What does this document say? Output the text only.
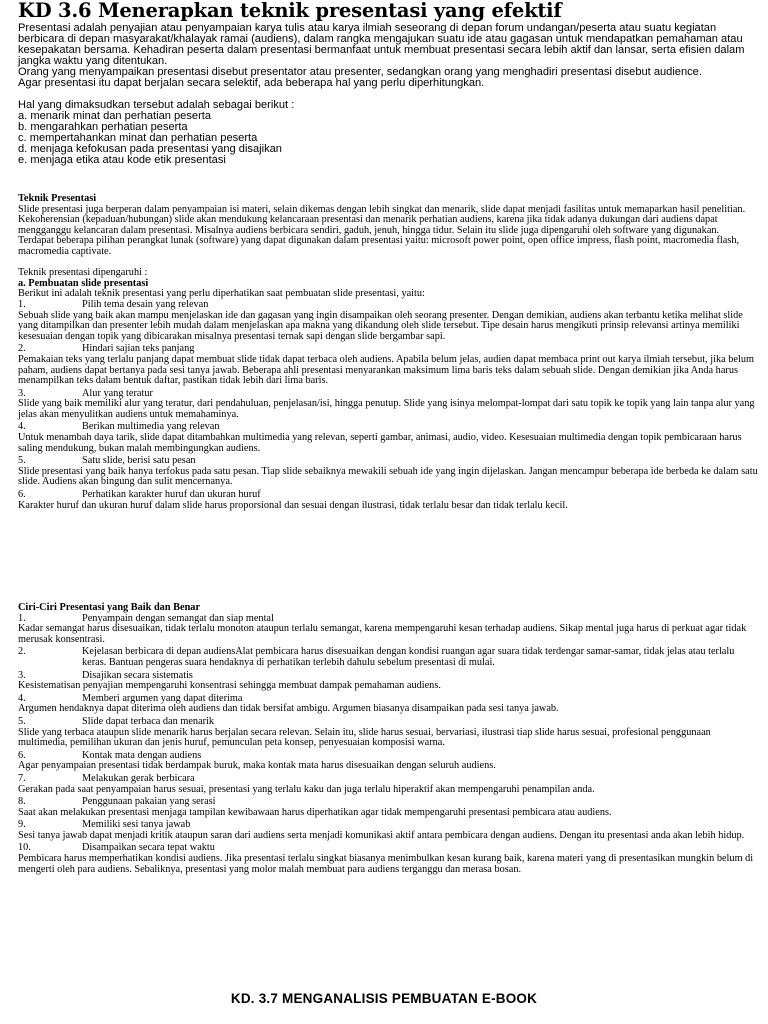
KD 3.6 Menerapkan teknik presentasi yang efektif

Presentasi adalah penyajian atau penyampaian karya tulis atau karya ilmiah seseorang di depan forum undangan/peserta atau suatu kegiatan berbicara di depan masyarakat/khalayak ramai (audiens), dalam rangka mengajukan suatu ide atau gagasan untuk mendapatkan pemahaman atau kesepakatan bersama. Kehadiran peserta dalam presentasi bermanfaat untuk membuat presentasi secara lebih aktif dan lansar, serta efisien dalam jangka waktu yang ditentukan.

Orang yang menyampaikan presentasi disebut presentator atau presenter, sedangkan orang yang menghadiri presentasi disebut audience.

Agar presentasi itu dapat berjalan secara selektif, ada beberapa hal yang perlu diperhitungkan.

Hal yang dimaksudkan tersebut adalah sebagai berikut :

a. menarik minat dan perhatian peserta

b. mengarahkan perhatian peserta

c. mempertahankan minat dan perhatian peserta

d. menjaga kefokusan pada presentasi yang disajikan

e. menjaga etika atau kode etik presentasi

Teknik Presentasi

Slide presentasi juga berperan dalam penyampaian isi materi, selain dikemas dengan lebih singkat dan menarik, slide dapat menjadi fasilitas untuk memaparkan hasil penelitian. Kekoherensian (kepaduan/hubungan) slide akan mendukung kelancaraan presentasi dan menarik perhatian audiens, karena jika tidak adanya dukungan dari audiens dapat mengganggu kelancaran dalam presentasi. Misalnya audiens berbicara sendiri, gaduh, jenuh, hingga tidur. Selain itu slide juga dipengaruhi oleh software yang digunakan.

Terdapat beberapa pilihan perangkat lunak (software) yang dapat digunakan dalam presentasi yaitu: microsoft power point, open office impress, flash point, macromedia flash, macromedia captivate.

Teknik presentasi dipengaruhi :

a. Pembuatan slide presentasi

Berikut ini adalah teknik presentasi yang perlu diperhatikan saat pembuatan slide presentasi, yaitu:

1.	Pilih tema desain yang relevan

Sebuah slide yang baik akan mampu menjelaskan ide dan gagasan yang ingin disampaikan oleh seorang presenter. Dengan demikian, audiens akan terbantu ketika melihat slide yang ditampilkan dan presenter lebih mudah dalam menjelaskan apa makna yang dikandung oleh slide tersebut. Tipe desain harus mengikuti prinsip relevansi artinya memiliki kesesuaian dengan topik yang dibicarakan misalnya presentasi ternak sapi dengan slide bergambar sapi.

2.	Hindari sajian teks panjang

Pemakaian teks yang terlalu panjang dapat membuat slide tidak dapat terbaca oleh audiens. Apabila belum jelas, audien dapat membaca print out karya ilmiah tersebut, jika belum paham, audiens dapat bertanya pada sesi tanya jawab. Beberapa ahli presentasi menyarankan maksimum lima baris teks dalam sebuah slide. Dengan demikian jika Anda harus menampilkan teks dalam bentuk daftar, pastikan tidak lebih dari lima baris.

3.	Alur yang teratur

Slide yang baik memiliki alur yang teratur, dari pendahuluan, penjelasan/isi, hingga penutup. Slide yang isinya melompat-lompat dari satu topik ke topik yang lain tanpa alur yang jelas akan menyulitkan audiens untuk memahaminya.

4.	Berikan multimedia yang relevan

Untuk menambah daya tarik, slide dapat ditambahkan multimedia yang relevan, seperti gambar, animasi, audio, video. Kesesuaian multimedia dengan topik pembicaraan harus saling mendukung, bukan malah membingungkan audiens.

5.	Satu slide, berisi satu pesan

Slide presentasi yang baik hanya terfokus pada satu pesan. Tiap slide sebaiknya mewakili sebuah ide yang ingin dijelaskan. Jangan mencampur beberapa ide berbeda ke dalam satu slide. Audiens akan bingung dan sulit mencernanya.

6.	Perhatikan karakter huruf dan ukuran huruf

Karakter huruf dan ukuran huruf dalam slide harus proporsional dan sesuai dengan ilustrasi, tidak terlalu besar dan tidak terlalu kecil.

Ciri-Ciri Presentasi yang Baik dan Benar

1.	Penyampain dengan semangat dan siap mental

Kadar semangat harus disesuaikan, tidak terlalu monoton ataupun terlalu semangat, karena mempengaruhi kesan terhadap audiens. Sikap mental juga harus di perkuat agar tidak merusak konsentrasi.

2.	Kejelasan berbicara di depan audiensAlat pembicara harus disesuaikan dengan kondisi ruangan agar suara tidak terdengar samar-samar, tidak jelas atau terlalu keras. Bantuan pengeras suara hendaknya di perhatikan terlebih dahulu sebelum presentasi di mulai.
3.	Disajikan secara sistematis

Kesistematisan penyajian mempengaruhi konsentrasi sehingga membuat dampak pemahaman audiens.

4.	Memberi argumen yang dapat diterima

Argumen hendaknya dapat diterima oleh audiens dan tidak bersifat ambigu. Argumen biasanya disampaikan pada sesi tanya jawab.

5.	Slide dapat terbaca dan menarik

Slide yang terbaca ataupun slide menarik harus berjalan secara relevan. Selain itu, slide harus sesuai, bervariasi, ilustrasi tiap slide harus sesuai, profesional penggunaan multimedia, pemilihan ukuran dan jenis huruf, pemunculan peta konsep, penyesuaian komposisi warna.

6.	Kontak mata dengan audiens

Agar penyampaian presentasi tidak berdampak buruk, maka kontak mata harus disesuaikan dengan seluruh audiens.

7.	Melakukan gerak berbicara

Gerakan pada saat penyampaian harus sesuai, presentasi yang terlalu kaku dan juga terlalu hiperaktif akan mempengaruhi penampilan anda.

8.	Penggunaan pakaian yang serasi

Saat akan melakukan presentasi menjaga tampilan kewibawaan harus diperhatikan agar tidak mempengaruhi presentasi pembicara atau audiens.

9.	Memiliki sesi tanya jawab

Sesi tanya jawab dapat menjadi kritik ataupun saran dari audiens serta menjadi komunikasi aktif antara pembicara dengan audiens. Dengan itu presentasi anda akan lebih hidup.

10.	Disampaikan secara tepat waktu

Pembicara harus memperhatikan kondisi audiens. Jika presentasi terlalu singkat biasanya menimbulkan kesan kurang baik, karena materi yang di presentasikan mungkin belum di mengerti oleh para audiens. Sebaliknya, presentasi yang molor malah membuat para audiens terganggu dan merasa bosan.

KD. 3.7 MENGANALISIS PEMBUATAN E-BOOK
